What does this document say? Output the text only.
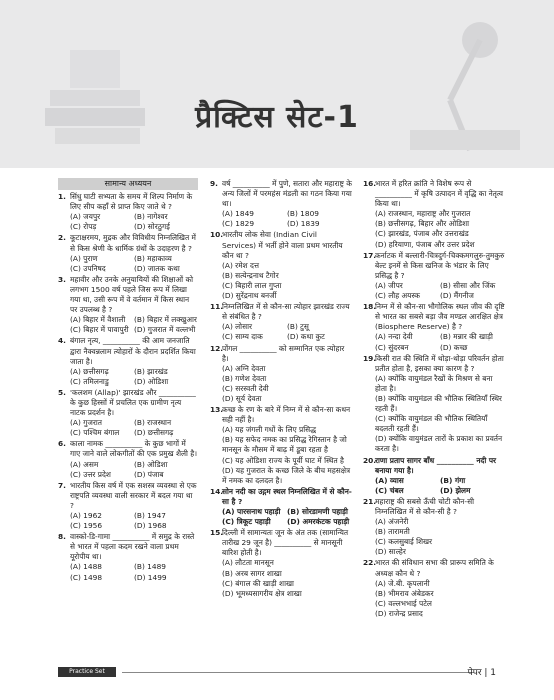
प्रैक्टिस सेट-1
सामान्य अध्ययन
1. सिंधु घाटी सभ्यता के समय में शिल्प निर्माण के लिए सीप कहाँ से प्राप्त किए जाते थे ?
(A) जयपुर	(B) नागेश्वर
(C) रोपड़	(D) सोरठुगई
2. कूटाक्षरमय, मुद्रक और विविधीय निम्नलिखित में से किस श्रेणी के धार्मिक ग्रंथों के उदाहरण है ?
(A) पुराण	(B) महाकाव्य
(C) उपनिषद	(D) जातक कथा
3. महावीर और उनके अनुयायियों की शिक्षाओं को लगभग 1500 वर्ष पहले जिस रूप में लिखा गया था, उसी रूप में वे वर्तमान में किस स्थान पर उपलब्ध है ?
(A) बिहार में वैशाली	(B) बिहार में लक्खुआर
(C) बिहार में पावापुरी (D) गुजरात में वल्लभी
4. बंगाल नृत्य, __________ की आम जनजाति द्वारा नैक्वन्नलाम त्योहारों के दौरान प्रदर्शित किया जाता है।
(A) छत्तीसगढ़	(B) झारखंड
(C) तमिलनाडु	(D) ओडिशा
5. 'कलशम (Allap)' झारखंड और __________ के कुछ हिस्सों में प्रचलित एक ग्रामीण नृत्य नाटक प्रदर्शन है।
(A) गुजरात	(B) राजस्थान
(C) पश्चिम बंगाल	(D) छत्तीसगढ़
6. काला नामक __________ के कुछ भागों में गाए जाने वाले लोकगीतों की एक प्रमुख शैली है।
(A) असम	(B) ओडिशा
(C) उत्तर प्रदेश	(D) पंजाब
7. भारतीय किस वर्ष में एक सशस्त्र व्यवस्था से एक राष्ट्रपति व्यवस्था वाली सरकार में बदल गया था ?
(A) 1962	(B) 1947
(C) 1956	(D) 1968
8. वास्को-डि-गामा __________ में समुद्र के रास्ते से भारत में पहला कदम रखने वाला प्रथम यूरोपीय था।
(A) 1488	(B) 1489
(C) 1498	(D) 1499
9. वर्ष __________ में पुणे, सतारा और महाराष्ट्र के अन्य जिलों में परमहंस मंडली का गठन किया गया था।
(A) 1849	(B) 1809
(C) 1829	(D) 1839
10.
भारतीय लोक सेवा (Indian Civil Services) में भर्ती होने वाला प्रथम भारतीय कौन था ?
(A) रमेश दत्त
(B) सत्येन्द्रनाथ टैगोर
(C) बिहारी लाल गुप्ता
(D) सुरेंद्रनाथ बनर्जी
11.
निम्नलिखित में से कौन-सा त्योहार झारखंड राज्य से संबंधित है ?
(A) लोसार	(B) टुसू
(C) साम्‍य दाक	(D) कथा कुट
12.
पोंगल __________ को सम्मानित एक त्योहार है।
(A) अग्नि देवता
(B) गणेश देवता
(C) सरस्वती देवी
(D) सूर्य देवता
13.
कच्छ के रण के बारे में निम्न में से कौन-सा कथन सही नहीं है।
(A) यह जंगली गधों के लिए प्रसिद्ध
(B) यह सफेद नमक का प्रसिद्ध रेगिस्तान है जो मानसून के मौसम में बाढ़ में डूबा रहता है
(C) यह ओडिशा राज्य के पूर्वी घाट में स्थित है
(D) यह गुजरात के कच्छ जिले के बीच महसक्षेत्र में नमक का दलदल है।
14.
सोन नदी का उद्गम स्थल निम्नलिखित में से कौन-सा है ?
(A) पारसनाथ पहाड़ी (B) सोरडामणी पहाड़ी
(C) त्रिकूट पहाड़ी	(D) अमरकंटक पहाड़ी
15.
दिल्ली में सामान्यतः जून के अंत तक (सामान्यित तारीख 29 जून है) __________ से मानसूनी बारिश होती है।
(A) लौटता मानसून
(B) अरब सागर शाखा
(C) बंगाल की खाड़ी शाखा
(D) भूमध्यसागरीय क्षेत्र शाखा
16.
भारत में हरित क्रांति ने विशेष रूप से __________ में कृषि उत्पादन में वृद्धि का नेतृत्व किया था।
(A) राजस्थान, महाराष्ट्र और गुजरात
(B) छत्तीसगढ़, बिहार और ओडिशा
(C) झारखंड, पंजाब और उत्तराखंड
(D) हरियाणा, पंजाब और उत्तर प्रदेश
17.
कर्नाटक में बल्लारी-चित्रदुर्ग-चिक्कमगलुरु-तुमकुरु बेल्ट इनमें से किस खनिज के भंडार के लिए प्रसिद्ध है ?
(A) जीपर	(B) सीसा और जिंक
(C) लौह अयस्क	(D) मैंगनीज
18.
निम्न में से कौन-सा भौगोलिक स्थल जीव की दृष्टि से भारत का सबसे बड़ा जैव मण्डल आरक्षित क्षेत्र (Biosphere Reserve) है ?
(A) नन्दा देवी	(B) मन्नार की खाड़ी
(C) सुंदरबन	(D) कच्छ
19.
किसी रात की स्थिति में थोड़ा-थोड़ा परिवर्तन होता प्रतीत होता है, इसका क्या कारण है ?
(A) क्योंकि वायुमंडल रैखों के मिश्रण से बना होता है।
(B) क्योंकि वायुमंडल की भौतिक स्थितियाँ स्थिर रहती हैं।
(C) क्योंकि वायुमंडल की भौतिक स्थितियाँ बदलती रहती हैं।
(D) क्योंकि वायुमंडल तारों के प्रकाश का प्रवर्तन करता है।
20.
राणा प्रताप सागर बाँध __________ नदी पर बनाया गया है।
(A) व्यास	(B) गंगा
(C) चंबल	(D) झेलम
21.
महाराष्ट्र की सबसे ऊँची चोटी कौन-सी निम्नलिखित में से कौन-सी है ?
(A) अंजनेरी
(B) तारामती
(C) कलसुबाई शिखर
(D) साल्हेर
22.
भारत की संविधान सभा की प्रारूप समिति के अध्यक्ष कौन थे ?
(A) जे.बी. कृपलानी
(B) भीमराव अंबेडकर
(C) वल्लभभाई पटेल
(D) राजेन्द्र प्रसाद
Practice Set	पेपर | 1
